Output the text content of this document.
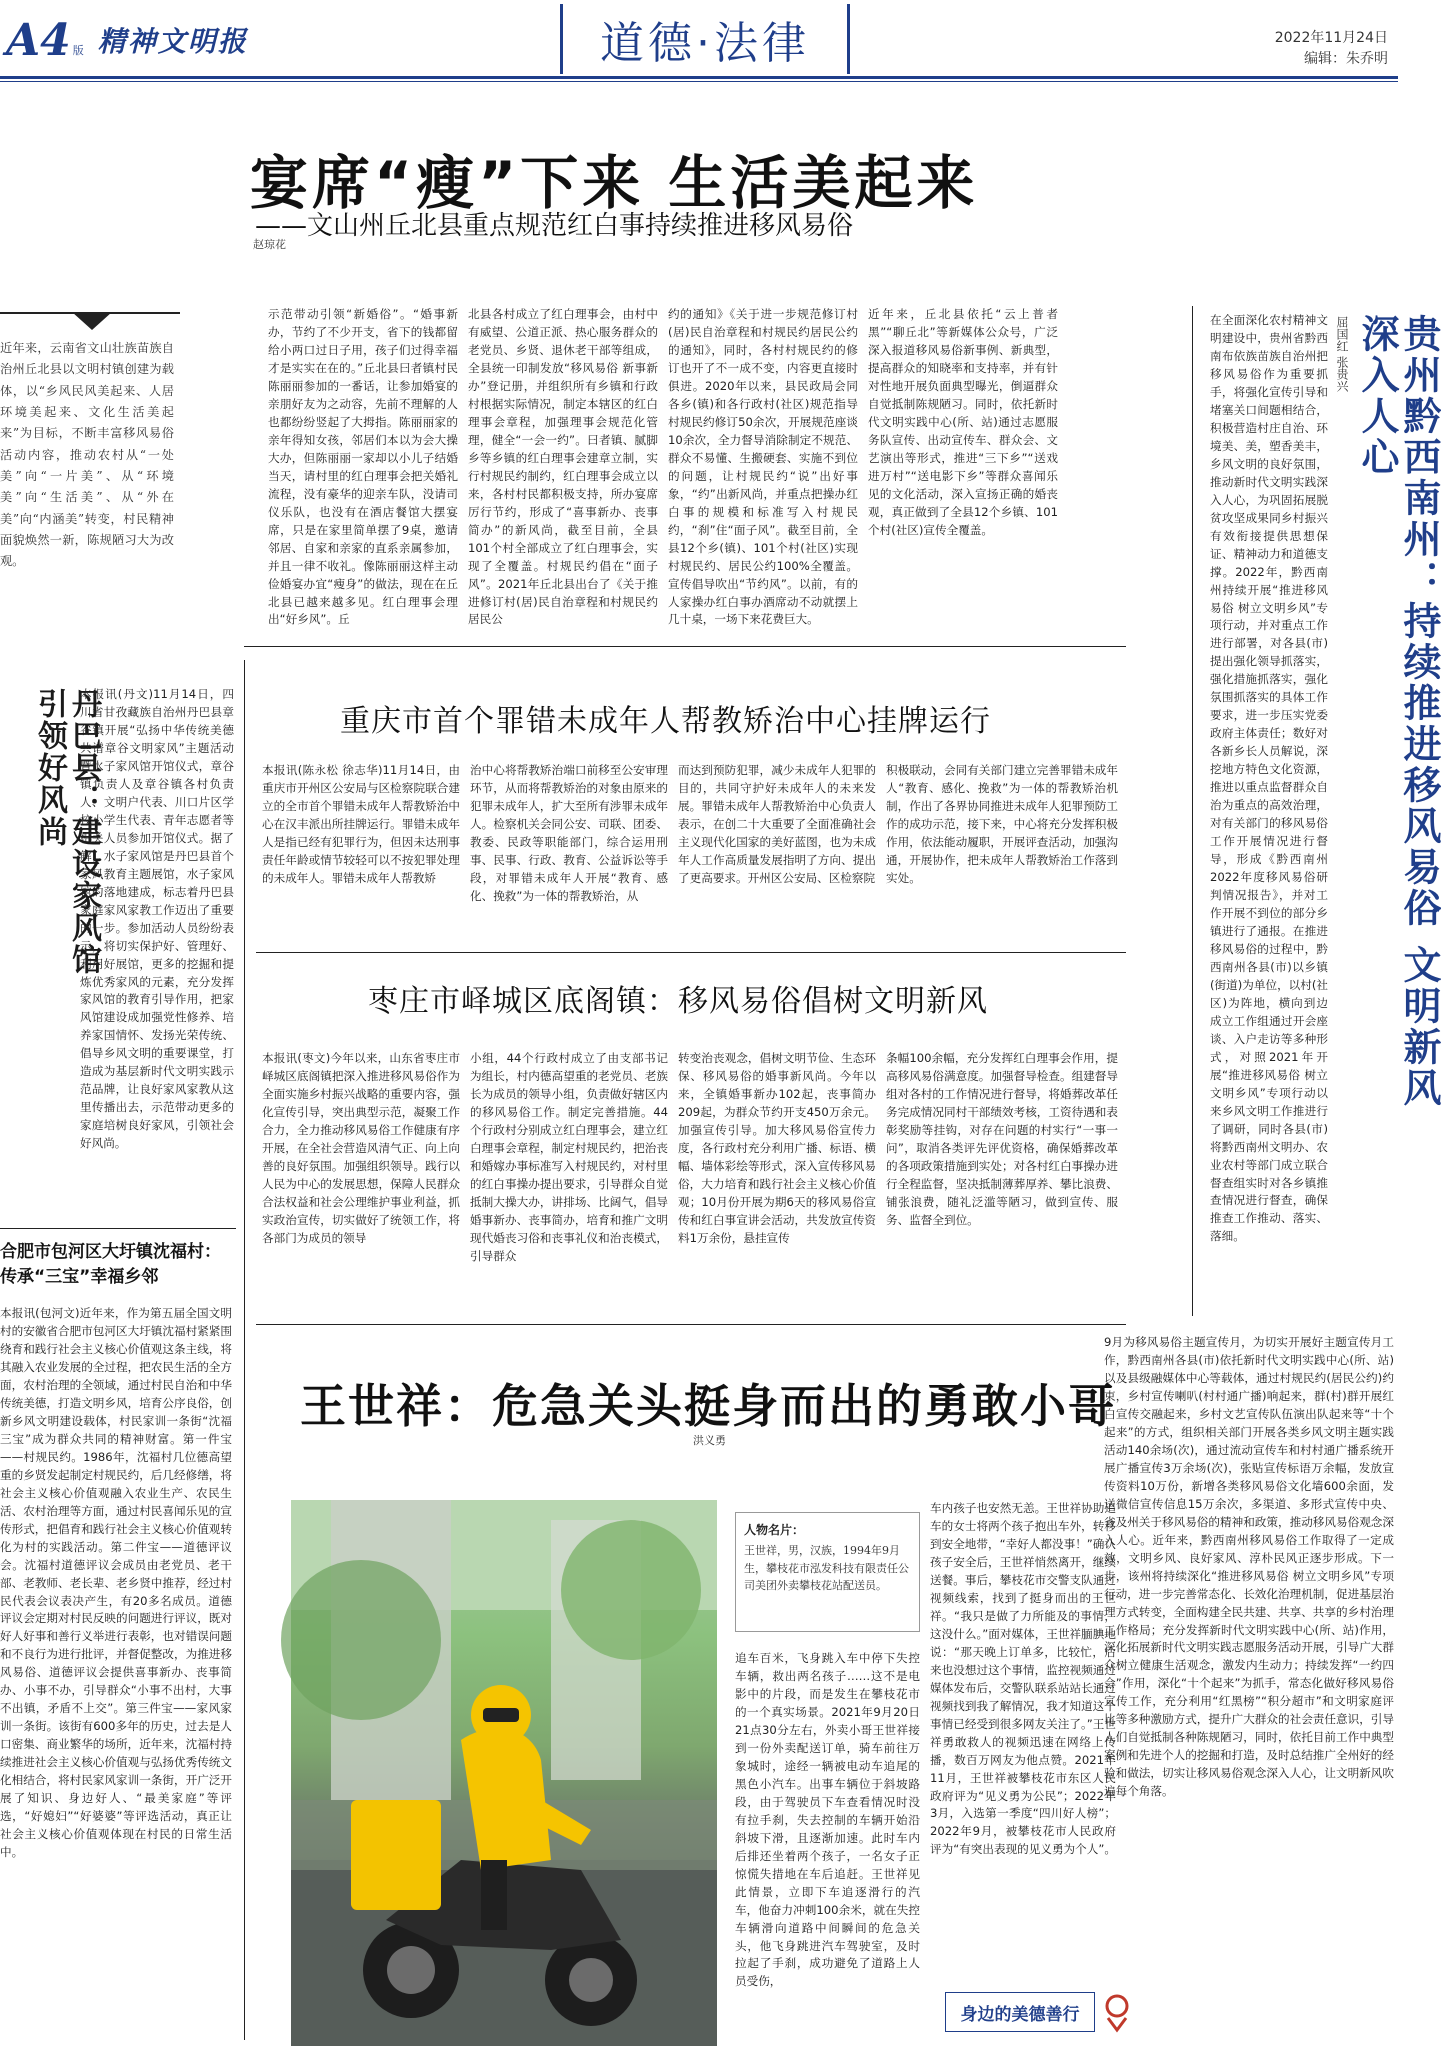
A4 版 精神文明报	道德·法律	2022年11月24日
编辑：朱乔明
宴席“瘦”下来 生活美起来
——文山州丘北县重点规范红白事持续推进移风易俗
赵琼花
近年来，云南省文山壮族苗族自治州丘北县以文明村镇创建为载体，以“乡风民风美起来、人居环境美起来、文化生活美起来”为目标，不断丰富移风易俗活动内容，推动农村从“一处美”向“一片美”、从“环境美”向“生活美”、从“外在美”向“内涵美”转变，村民精神面貌焕然一新，陈规陋习大为改观。
示范带动引领“新婚俗”。“婚事新办，节约了不少开支，省下的钱都留给小两口过日子用，孩子们过得幸福才是实实在在的。”丘北县曰者镇村民陈丽丽参加的一番话，让参加婚宴的亲朋好友为之动容，先前不理解的人也都纷纷竖起了大拇指。陈丽丽家的亲年得知女孩，邻居们本以为会大操大办，但陈丽丽一家却以小儿子结婚当天，请村里的红白理事会把关婚礼流程，没有豪华的迎亲车队，没请司仪乐队，也没有在酒店餐馆大摆宴席，只是在家里简单摆了9桌，邀请邻居、自家和亲家的直系亲属参加，并且一律不收礼。像陈丽丽这样主动俭婚宴办宜“瘦身”的做法，现在在丘北县已越来越多见。红白理事会理出“好乡风”。丘
北县各村成立了红白理事会，由村中有威望、公道正派、热心服务群众的老党员、乡贤、退休老干部等组成，全县统一印制发放“移风易俗 新事新办”登记册，并组织所有乡镇和行政村根据实际情况，制定本辖区的红白理事会章程，加强理事会规范化管理，健全“一会一约”。曰者镇、腻脚乡等乡镇的红白理事会建章立制，实行村规民约制约，红白理事会成立以来，各村村民都积极支持，所办宴席厉行节约，形成了“喜事新办、丧事简办”的新风尚，截至目前，全县101个村全部成立了红白理事会，实现了全覆盖。村规民约倡在“面子风”。2021年丘北县出台了《关于推进修订村(居)民自治章程和村规民约居民公
约的通知》《关于进一步规范修订村(居)民自治章程和村规民约居民公约的通知》，同时，各村村规民约的修订也开了不一成不变，内容更直接时俱进。2020年以来，县民政局会同各乡(镇)和各行政村(社区)规范指导村规民约修订50余次，开展规范座谈10余次，全力督导消除制定不规范、群众不易懂、生搬硬套、实施不到位的问题，让村规民约“说”出好事象，“约”出新风尚，并重点把操办红白事的规模和标准写入村规民约，“刹”住“面子风”。截至目前，全县12个乡(镇)、101个村(社区)实现村规民约、居民公约100%全覆盖。宣传倡导吹出“节约风”。以前，有的人家操办红白事办酒席动不动就摆上几十桌，一场下来花费巨大。
近年来，丘北县依托“云上普者黑”“聊丘北”等新媒体公众号，广泛深入报道移风易俗新事例、新典型，提高群众的知晓率和支持率，并有针对性地开展负面典型曝光，倒逼群众自觉抵制陈规陋习。同时，依托新时代文明实践中心(所、站)通过志愿服务队宣传、出动宣传车、群众会、文艺演出等形式，推进“三下乡”“送戏进万村”“送电影下乡”等群众喜闻乐见的文化活动，深入宣扬正确的婚丧观，真正做到了全县12个乡镇、101个村(社区)宣传全覆盖。	贵州黔西南州：持续推进移风易俗 文明新风深入人心
屈国红 张贵兴
在全面深化农村精神文明建设中，贵州省黔西南布依族苗族自治州把移风易俗作为重要抓手，将强化宣传引导和堵塞关口间题相结合，积极营造村庄自治、环境美、美，塑香美丰，乡风文明的良好氛围，推动新时代文明实践深入人心，为巩固拓展脱贫攻坚成果同乡村振兴有效衔接提供思想保证、精神动力和道德支撑。2022年，黔西南州持续开展“推进移风易俗 树立文明乡风”专项行动，并对重点工作进行部署，对各县(市)提出强化领导抓落实，强化措施抓落实，强化氛围抓落实的具体工作要求，进一步压实党委政府主体责任；数好对各新乡长人员解说，深挖地方特色文化资源，推进以重点监督群众自治为重点的高效治理，对有关部门的移风易俗工作开展情况进行督导，形成《黔西南州2022年度移风易俗研判情况报告》，并对工作开展不到位的部分乡镇进行了通报。在推进移风易俗的过程中，黔西南州各县(市)以乡镇(街道)为单位，以村(社区)为阵地，横向到边成立工作组通过开会座谈、入户走访等多种形式，对照2021年开展“推进移风易俗 树立文明乡风”专项行动以来乡风文明工作推进行了调研，同时各县(市)将黔西南州文明办、农业农村等部门成立联合督查组实时对各乡镇推查情况进行督查，确保推查工作推动、落实、落细。
9月为移风易俗主题宣传月，为切实开展好主题宣传月工作，黔西南州各县(市)依托新时代文明实践中心(所、站)以及县级融媒体中心等载体，通过村规民约(居民公约)约束，乡村宣传喇叭(村村通广播)响起来，群(村)群开展红白宣传交融起来，乡村文艺宣传队伍演出队起来等“十个起来”的方式，组织相关部门开展各类乡风文明主题实践活动140余场(次)，通过流动宣传车和村村通广播系统开展广播宣传3万余场(次)，张贴宣传标语万余幅，发放宣传资料10万份，新增各类移风易俗文化墙600余面，发送微信宣传信息15万余次，多渠道、多形式宣传中央、省及州关于移风易俗的精神和政策，推动移风易俗观念深入人心。近年来，黔西南州移风易俗工作取得了一定成效，文明乡风、良好家风、淳朴民风正逐步形成。下一步，该州将持续深化“推进移风易俗 树立文明乡风”专项行动，进一步完善常态化、长效化治理机制，促进基层治理方式转变，全面构建全民共建、共享、共享的乡村治理工作格局；充分发挥新时代文明实践中心(所、站)作用，深化拓展新时代文明实践志愿服务活动开展，引导广大群众树立健康生活观念，激发内生动力；持续发挥“一约四会”作用，深化“十个起来”为抓手，常态化做好移风易俗宣传工作，充分利用“红黑榜”“积分超市”和文明家庭评比等多种激励方式，提升广大群众的社会责任意识，引导人们自觉抵制各种陈规陋习，同时，依托目前工作中典型案例和先进个人的挖掘和打造，及时总结推广全州好的经验和做法，切实让移风易俗观念深入人心，让文明新风吹遍每个角落。
丹巴县：建设家风馆 引领好风尚	本报讯(丹文)11月14日，四川省甘孜藏族自治州丹巴县章谷镇开展“弘扬中华传统美德 共谱章谷文明家风”主题活动暨水子家风馆开馆仪式，章谷镇负责人及章谷镇各村负责人、文明户代表、川口片区学校小学生代表、青年志愿者等相关人员参加开馆仪式。据了解，水子家风馆是丹巴县首个家风教育主题展馆，水子家风馆的落地建成，标志着丹巴县家庭家风家教工作迈出了重要的一步。参加活动人员纷纷表示，将切实保护好、管理好、利用好展馆，更多的挖掘和提炼优秀家风的元素，充分发挥家风馆的教育引导作用，把家风馆建设成加强党性修养、培养家国情怀、发扬光荣传统、倡导乡风文明的重要课堂，打造成为基层新时代文明实践示范品牌，让良好家风家教从这里传播出去，示范带动更多的家庭培树良好家风，引领社会好风尚。
重庆市首个罪错未成年人帮教矫治中心挂牌运行
本报讯(陈永松 徐志华)11月14日，由重庆市开州区公安局与区检察院联合建立的全市首个罪错未成年人帮教矫治中心在汉丰派出所挂牌运行。罪错未成年人是指已经有犯罪行为，但因未达刑事责任年龄或情节较轻可以不按犯罪处理的未成年人。罪错未成年人帮教矫
治中心将帮教矫治端口前移至公安审理环节，从而将帮教矫治的对象由原来的犯罪未成年人，扩大至所有涉罪未成年人。检察机关会同公安、司联、团委、教委、民政等职能部门，综合运用刑事、民事、行政、教育、公益诉讼等手段，对罪错未成年人开展“教育、感化、挽救”为一体的帮教矫治，从
而达到预防犯罪，减少未成年人犯罪的目的，共同守护好未成年人的未来发展。罪错未成年人帮教矫治中心负责人表示，在创二十大重要了全面准确社会主义现代化国家的美好蓝图，也为未成年人工作高质量发展指明了方向、提出了更高要求。开州区公安局、区检察院
积极联动，会同有关部门建立完善罪错未成年人“教育、感化、挽救”为一体的帮教矫治机制，作出了各界协同推进未成年人犯罪预防工作的成功示范，接下来，中心将充分发挥积极作用，依法能动履职，开展评查活动，加强沟通，开展协作，把未成年人帮教矫治工作落到实处。
枣庄市峄城区底阁镇：移风易俗倡树文明新风
本报讯(枣文)今年以来，山东省枣庄市峄城区底阁镇把深入推进移风易俗作为全面实施乡村振兴战略的重要内容，强化宣传引导，突出典型示范，凝聚工作合力，全力推动移风易俗工作健康有序开展，在全社会营造风清气正、向上向善的良好氛围。加强组织领导。践行以人民为中心的发展思想，保障人民群众合法权益和社会公理维护事业利益，抓实政治宣传，切实做好了统领工作，将各部门为成员的领导
小组，44个行政村成立了由支部书记为组长，村内德高望重的老党员、老族长为成员的领导小组，负责做好辖区内的移风易俗工作。制定完善措施。44个行政村分别成立红白理事会，建立红白理事会章程，制定村规民约，把治丧和婚嫁办事标准写入村规民约，对村里的红白事操办提出要求，引导群众自觉抵制大操大办，讲排场、比阔气，倡导婚事新办、丧事简办，培育和推广文明现代婚丧习俗和丧事礼仪和治丧模式，引导群众
转变治丧观念，倡树文明节俭、生态环保、移风易俗的婚事新风尚。今年以来，全镇婚事新办102起，丧事简办209起，为群众节约开支450万余元。加强宣传引导。加大移风易俗宣传力度，各行政村充分利用广播、标语、横幅、墙体彩绘等形式，深入宣传移风易俗，大力培育和践行社会主义核心价值观；10月份开展为期6天的移风易俗宣传和红白事宣讲会活动，共发放宣传资料1万余份，悬挂宣传
条幅100余幅，充分发挥红白理事会作用，提高移风易俗满意度。加强督导检查。组建督导组对各村的工作情况进行督导，将婚葬改革任务完成情况同村干部绩效考核，工资待遇和表彰奖励等挂钩，对存在问题的村实行“一事一问”，取消各类评先评优资格，确保婚葬改革的各项政策措施到实处；对各村红白事操办进行全程监督，坚决抵制薄葬厚养、攀比浪费、铺张浪费，随礼泛滥等陋习，做到宣传、服务、监督全到位。
合肥市包河区大圩镇沈福村：传承“三宝”幸福乡邻
本报讯(包河文)近年来，作为第五届全国文明村的安徽省合肥市包河区大圩镇沈福村紧紧围绕育和践行社会主义核心价值观这条主线，将其融入农业发展的全过程，把农民生活的全方面，农村治理的全领域，通过村民自治和中华传统美德，打造文明乡风，培育公序良俗，创新乡风文明建设载体，村民家训一条街“沈福三宝”成为群众共同的精神财富。第一件宝——村规民约。1986年，沈福村几位德高望重的乡贤发起制定村规民约，后几经修缮，将社会主义核心价值观融入农业生产、农民生活、农村治理等方面，通过村民喜闻乐见的宣传形式，把倡育和践行社会主义核心价值观转化为村的实践活动。第二件宝——道德评议会。沈福村道德评议会成员由老党员、老干部、老教师、老长辈、老乡贤中推荐，经过村民代表会议表决产生，有20多名成员。道德评议会定期对村民反映的问题进行评议，既对好人好事和善行义举进行表彰，也对错误问题和不良行为进行批评，并督促整改，为推进移风易俗、道德评议会提供喜事新办、丧事简办、小事不办，引导群众“小事不出村，大事不出镇，矛盾不上交”。第三件宝——家风家训一条街。该街有600多年的历史，过去是人口密集、商业繁华的场所，近年来，沈福村持续推进社会主义核心价值观与弘扬优秀传统文化相结合，将村民家风家训一条街，开广泛开展了知识、身边好人、“最美家庭”等评选，“好媳妇”“好婆婆”等评选活动，真正让社会主义核心价值观体现在村民的日常生活中。
王世祥：危急关头挺身而出的勇敢小哥
洪义勇
人物名片：
王世祥，男，汉族，1994年9月生，攀枝花市泓发科技有限责任公司美团外卖攀枝花站配送员。
追车百米，飞身跳入车中停下失控车辆，救出两名孩子……这不是电影中的片段，而是发生在攀枝花市的一个真实场景。2021年9月20日21点30分左右，外卖小哥王世祥接到一份外卖配送订单，骑车前往万象城时，途经一辆被电动车追尾的黑色小汽车。出事车辆位于斜坡路段，由于驾驶员下车查看情况时没有拉手刹，失去控制的车辆开始沿斜坡下滑，且逐渐加速。此时车内后排还坐着两个孩子，一名女子正惊慌失措地在车后追赶。王世祥见此情景，立即下车追逐滑行的汽车，他奋力冲刺100余米，就在失控车辆滑向道路中间瞬间的危急关头，他飞身跳进汽车驾驶室，及时拉起了手刹，成功避免了道路上人员受伤，
车内孩子也安然无恙。王世祥协助追车的女士将两个孩子抱出车外，转移到安全地带，“幸好人都没事！”确认孩子安全后，王世祥悄然离开，继续送餐。事后，攀枝花市交警支队通过视频线索，找到了挺身而出的王世祥。“我只是做了力所能及的事情，这没什么。”面对媒体，王世祥腼腆地说：“那天晚上订单多，比较忙，后来也没想过这个事情，监控视频通过媒体发布后，交警队联系站站长通过视频找到我了解情况，我才知道这个事情已经受到很多网友关注了。”王世祥勇敢救人的视频迅速在网络上传播，数百万网友为他点赞。2021年11月，王世祥被攀枝花市东区人民政府评为“见义勇为公民”；2022年3月，入选第一季度“四川好人榜”；2022年9月，被攀枝花市人民政府评为“有突出表现的见义勇为个人”。
身边的美德善行
